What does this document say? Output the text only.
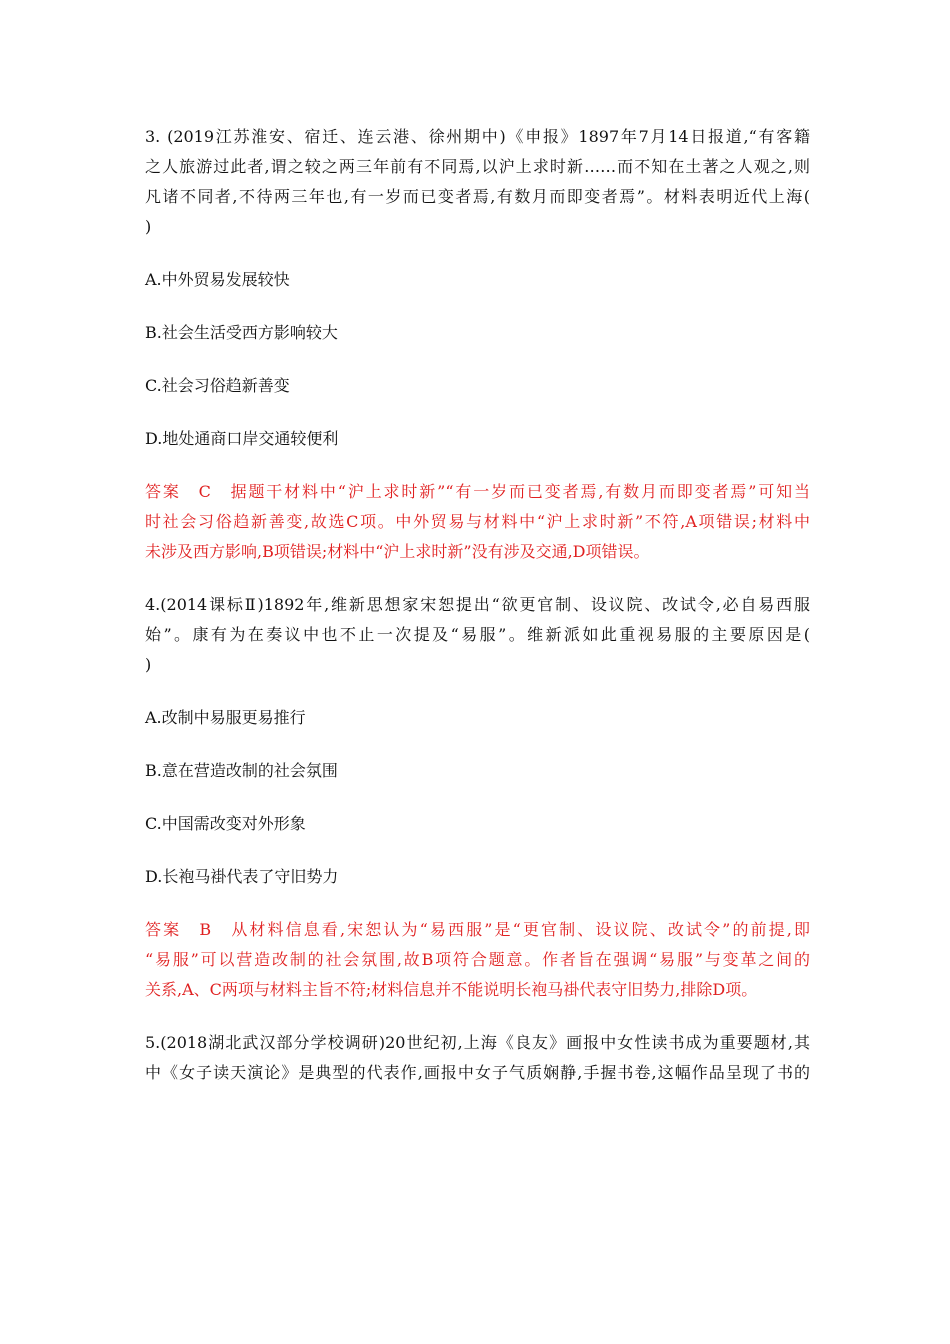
3. (2019江苏淮安、宿迁、连云港、徐州期中)《申报》1897年7月14日报道,“有客籍
之人旅游过此者,谓之较之两三年前有不同焉,以沪上求时新……而不知在土著之人观之,则
凡诸不同者,不待两三年也,有一岁而已变者焉,有数月而即变者焉”。材料表明近代上海(
)
A.中外贸易发展较快
B.社会生活受西方影响较大
C.社会习俗趋新善变
D.地处通商口岸交通较便利
答案　C　据题干材料中“沪上求时新”“有一岁而已变者焉,有数月而即变者焉”可知当
时社会习俗趋新善变,故选C项。中外贸易与材料中“沪上求时新”不符,A项错误;材料中
未涉及西方影响,B项错误;材料中“沪上求时新”没有涉及交通,D项错误。
4.(2014课标Ⅱ)1892年,维新思想家宋恕提出“欲更官制、设议院、改试令,必自易西服
始”。康有为在奏议中也不止一次提及“易服”。维新派如此重视易服的主要原因是(
)
A.改制中易服更易推行
B.意在营造改制的社会氛围
C.中国需改变对外形象
D.长袍马褂代表了守旧势力
答案　B　从材料信息看,宋恕认为“易西服”是“更官制、设议院、改试令”的前提,即
“易服”可以营造改制的社会氛围,故B项符合题意。作者旨在强调“易服”与变革之间的
关系,A、C两项与材料主旨不符;材料信息并不能说明长袍马褂代表守旧势力,排除D项。
5.(2018湖北武汉部分学校调研)20世纪初,上海《良友》画报中女性读书成为重要题材,其
中《女子读天演论》是典型的代表作,画报中女子气质娴静,手握书卷,这幅作品呈现了书的
